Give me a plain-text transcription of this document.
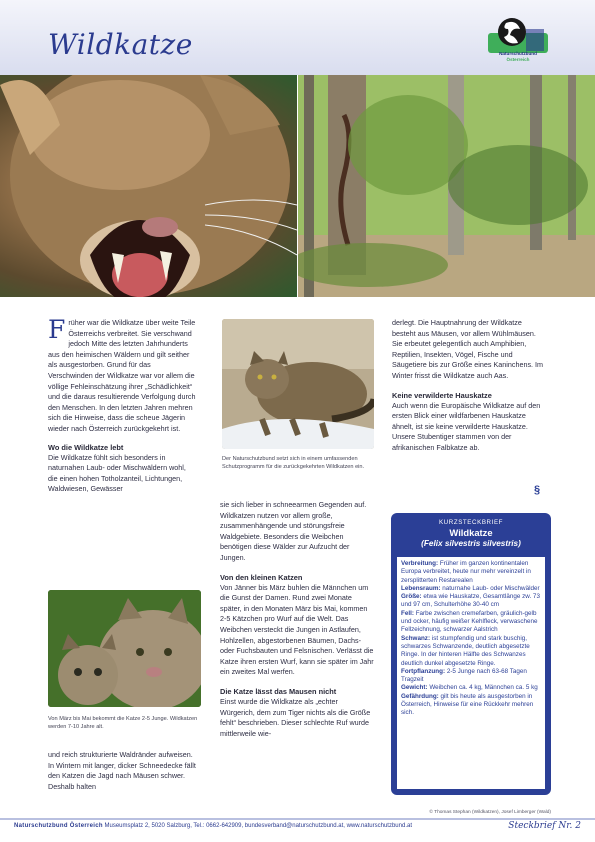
Wildkatze	Naturschutzbund
Österreich
F rüher war die Wildkatze über weite Teile Österreichs verbreitet. Sie verschwand jedoch Mitte des letzten Jahrhunderts aus den heimischen Wäldern und gilt seither als ausgestorben. Grund für das Verschwinden der Wildkatze war vor allem die völlige Fehleinschätzung ihrer „Schädlichkeit“ und die daraus resultierende Verfolgung durch den Menschen. In den letzten Jahren mehren sich die Hinweise, dass die scheue Jägerin wieder nach Österreich zurückgekehrt ist.

Wo die Wildkatze lebt

Die Wildkatze fühlt sich besonders in naturnahen Laub- oder Mischwäldern wohl, die einen hohen Totholzanteil, Lichtungen, Waldwiesen, Gewässer

Von März bis Mai bekommt die Katze 2-5 Junge. Wildkatzen werden 7-10 Jahre alt.
und reich strukturierte Waldränder aufweisen. In Wintern mit langer, dicker Schneedecke fällt den Katzen die Jagd nach Mäusen schwer. Deshalb halten
Der Naturschutzbund setzt sich in einem umfassenden Schutzprogramm für die zurückgekehrten Wildkatzen ein.

sie sich lieber in schneearmen Gegenden auf. Wildkatzen nutzen vor allem große, zusammenhängende und störungsfreie Waldgebiete. Besonders die Weibchen benötigen diese Wälder zur Aufzucht der Jungen.

Von den kleinen Katzen

Von Jänner bis März buhlen die Männchen um die Gunst der Damen. Rund zwei Monate später, in den Monaten März bis Mai, kommen 2-5 Kätzchen pro Wurf auf die Welt. Das Weibchen versteckt die Jungen in Astlaufen, Hohlzellen, abgestorbenen Bäumen, Dachs- oder Fuchsbauten und Felsnischen. Verlässt die Katze ihren ersten Wurf, kann sie später im Jahr ein zweites Mal werfen.

Die Katze lässt das Mausen nicht

Einst wurde die Wildkatze als „echter Würgerich, dem zum Tiger nichts als die Größe fehlt“ beschrieben. Dieser schlechte Ruf wurde mittlerweile wie-

derlegt. Die Hauptnahrung der Wildkatze besteht aus Mäusen, vor allem Wühlmäusen. Sie erbeutet gelegentlich auch Amphibien, Reptilien, Insekten, Vögel, Fische und Säugetiere bis zur Größe eines Kaninchens. Im Winter frisst die Wildkatze auch Aas.

Keine verwilderte Hauskatze

Auch wenn die Europäische Wildkatze auf den ersten Blick einer wildfarbenen Hauskatze ähnelt, ist sie keine verwilderte Hauskatze. Unsere Stubentiger stammen von der afrikanischen Falbkatze ab.

§
KURZSTECKBRIEF
Wildkatze
(Felix silvestris silvestris)
Verbreitung: Früher im ganzen kontinentalen Europa verbreitet, heute nur mehr vereinzelt in zersplitterten Restarealen
Lebensraum: naturnahe Laub- oder Mischwälder
Größe: etwa wie Hauskatze, Gesamtlänge zw. 73 und 97 cm, Schulterhöhe 30-40 cm
Fell: Farbe zwischen cremefarben, gräulich-gelb und ocker, häufig weißer Kehlfleck, verwaschene Fellzeichnung, schwarzer Aalstrich
Schwanz: ist stumpfendig und stark buschig, schwarzes Schwanzende, deutlich abgesetzte Ringe. In der hinteren Hälfte des Schwanzes deutlich dunkel abgesetzte Ringe.
Fortpflanzung: 2-5 Junge nach 63-68 Tagen Tragzeit
Gewicht: Weibchen ca. 4 kg, Männchen ca. 5 kg
Gefährdung: gilt bis heute als ausgestorben in Österreich, Hinweise für eine Rückkehr mehren sich.
© Thomas Stephan (Wildkatzen), Josef Limberger (Wald)
Naturschutzbund Österreich Museumsplatz 2, 5020 Salzburg, Tel.: 0662-642909, bundesverband@naturschutzbund.at, www.naturschutzbund.at	Steckbrief Nr. 2
